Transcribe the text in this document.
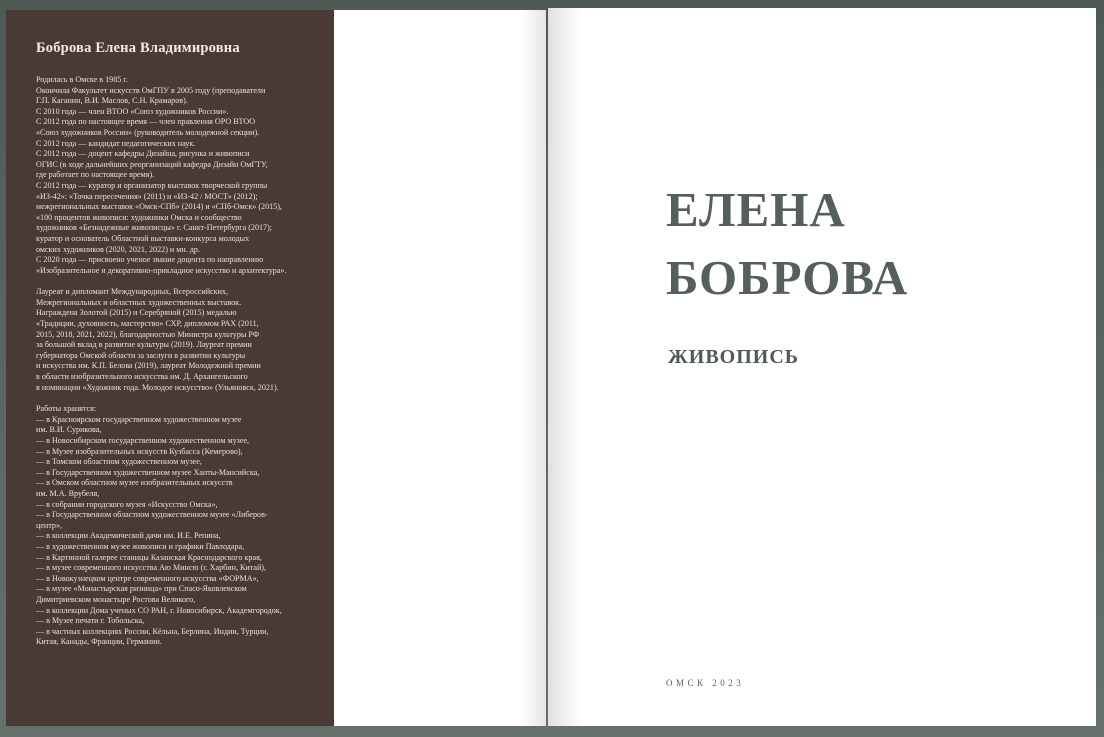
Боброва Елена Владимировна

Родилась в Омске в 1985 г.

Окончила Факультет искусств ОмГПУ в 2005 году (преподаватели

Г.П. Каганин, В.И. Маслов, С.Н. Крамаров).

С 2010 года — член ВТОО «Союз художников России».

С 2012 года по настоящее время — член правления ОРО ВТОО

«Союз художников России» (руководитель молодежной секции).

С 2012 года — кандидат педагогических наук.

С 2012 года — доцент кафедры Дизайна, рисунка и живописи

ОГИС (в ходе дальнейших реорганизаций кафедра Дизайн ОмГТУ,

где работает по настоящее время).

С 2012 года — куратор и организатор выставок творческой группы

«ИЗ-42»: «Точка пересечения» (2011) и «ИЗ-42 / МОСТ» (2012);

межрегиональных выставок «Омск-СПб» (2014) и «СПб-Омск» (2015),

«100 процентов живописи: художники Омска и сообщество

художников «Безнадежные живописцы» г. Санкт-Петербурга (2017);

куратор и основатель Областной выставки-конкурса молодых

омских художников (2020, 2021, 2022) и мн. др.

С 2020 года — присвоено ученое звание доцента по направлению

«Изобразительное и декоративно-прикладное искусство и архитектура».

Лауреат и дипломант Международных, Всероссийских,

Межрегиональных и областных художественных выставок.

Награждена Золотой (2015) и Серебряной (2015) медалью

«Традиции, духовность, мастерство» СХР, дипломом РАХ (2011,

2015, 2018, 2021, 2022), благодарностью Министра культуры РФ

за большой вклад в развитие культуры (2019). Лауреат премии

губернатора Омской области за заслуги в развитии культуры

и искусства им. К.П. Белова (2019), лауреат Молодежной премии

в области изобразительного искусства им. Д. Архангельского

в номинации «Художник года. Молодое искусство» (Ульяновск, 2021).

Работы хранятся:

— в Красноярском государственном художественном музее

им. В.И. Сурикова,

— в Новосибирском государственном художественном музее,

— в Музее изобразительных искусств Кузбасса (Кемерово),

— в Томском областном художественном музее,

— в Государственном художественном музее Ханты-Мансийска,

— в Омском областном музее изобразительных искусств

им. М.А. Врубеля,

— в собрании городского музея «Искусство Омска»,

— в Государственном областном художественном музее «Либеров-

центр»,

— в коллекции Академической дачи им. И.Е. Репина,

— в художественном музее живописи и графики Павлодара,

— в Картинной галерее станицы Казанская Краснодарского края,

— в музее современного искусства Аю Минсю (г. Харбин, Китай),

— в Новокузнецком центре современного искусства «ФОРМА»,

— в музее «Монастырская ризница» при Спасо-Яковлевском

Димитриевском монастыре Ростова Великого,

— в коллекции Дома ученых СО РАН, г. Новосибирск, Академгородок,

— в Музее печати г. Тобольска,

— в частных коллекциях России, Кёльна, Берлина, Индии, Турции,

Китая, Канады, Франции, Германии.

ЕЛЕНА
БОБРОВА
ЖИВОПИСЬ

ОМСК 2023
